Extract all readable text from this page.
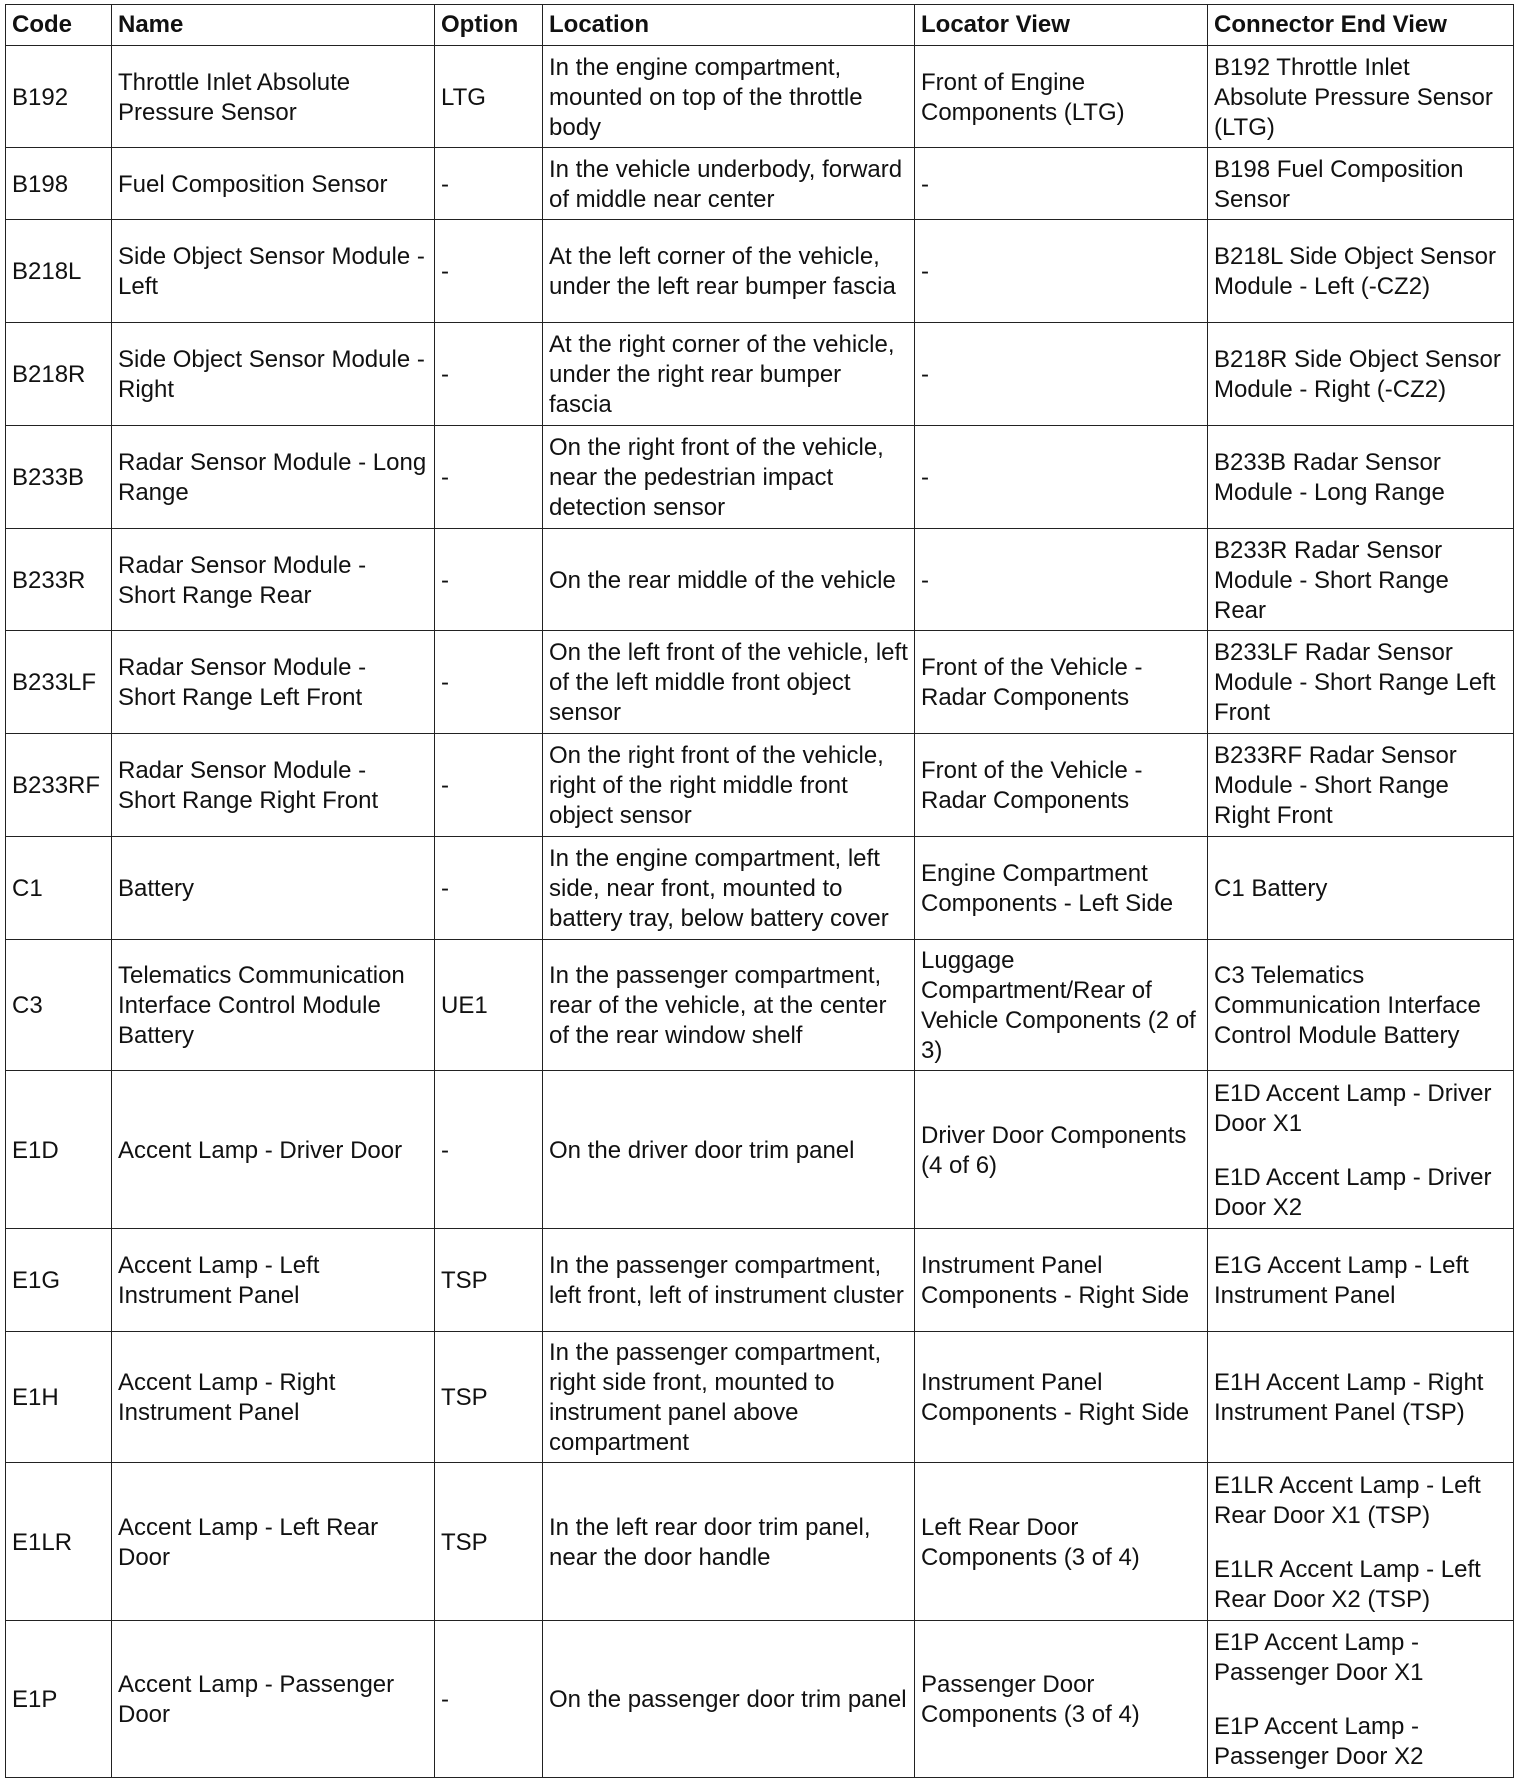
Code	Name	Option	Location	Locator View	Connector End View
B192	Throttle Inlet Absolute Pressure Sensor	LTG	In the engine compartment, mounted on top of the throttle body	Front of Engine Components (LTG)	B192 Throttle Inlet Absolute Pressure Sensor (LTG)

B198	Fuel Composition Sensor	-	In the vehicle underbody, forward of middle near center	-	B198 Fuel Composition Sensor

B218L	Side Object Sensor Module - Left	-	At the left corner of the vehicle, under the left rear bumper fascia	-	B218L Side Object Sensor Module - Left (-CZ2)

B218R	Side Object Sensor Module - Right	-	At the right corner of the vehicle, under the right rear bumper fascia	-	B218R Side Object Sensor Module - Right (-CZ2)

B233B	Radar Sensor Module - Long Range	-	On the right front of the vehicle, near the pedestrian impact detection sensor	-	B233B Radar Sensor Module - Long Range

B233R	Radar Sensor Module - Short Range Rear	-	On the rear middle of the vehicle	-	B233R Radar Sensor Module - Short Range Rear

B233LF	Radar Sensor Module - Short Range Left Front	-	On the left front of the vehicle, left of the left middle front object sensor	Front of the Vehicle - Radar Components	B233LF Radar Sensor Module - Short Range Left Front

B233RF	Radar Sensor Module - Short Range Right Front	-	On the right front of the vehicle, right of the right middle front object sensor	Front of the Vehicle - Radar Components	B233RF Radar Sensor Module - Short Range Right Front

C1	Battery	-	In the engine compartment, left side, near front, mounted to battery tray, below battery cover	Engine Compartment Components - Left Side	C1 Battery

C3	Telematics Communication Interface Control Module Battery	UE1	In the passenger compartment, rear of the vehicle, at the center of the rear window shelf	Luggage Compartment/Rear of Vehicle Components (2 of 3)	C3 Telematics Communication Interface Control Module Battery

E1D	Accent Lamp - Driver Door	-	On the driver door trim panel	Driver Door Components (4 of 6)	E1D Accent Lamp - Driver Door X1
E1D Accent Lamp - Driver Door X2

E1G	Accent Lamp - Left Instrument Panel	TSP	In the passenger compartment, left front, left of instrument cluster	Instrument Panel Components - Right Side	E1G Accent Lamp - Left Instrument Panel

E1H	Accent Lamp - Right Instrument Panel	TSP	In the passenger compartment, right side front, mounted to instrument panel above compartment	Instrument Panel Components - Right Side	E1H Accent Lamp - Right Instrument Panel (TSP)

E1LR	Accent Lamp - Left Rear Door	TSP	In the left rear door trim panel, near the door handle	Left Rear Door Components (3 of 4)	E1LR Accent Lamp - Left Rear Door X1 (TSP)
E1LR Accent Lamp - Left Rear Door X2 (TSP)

E1P	Accent Lamp - Passenger Door	-	On the passenger door trim panel	Passenger Door Components (3 of 4)	E1P Accent Lamp - Passenger Door X1
E1P Accent Lamp - Passenger Door X2
